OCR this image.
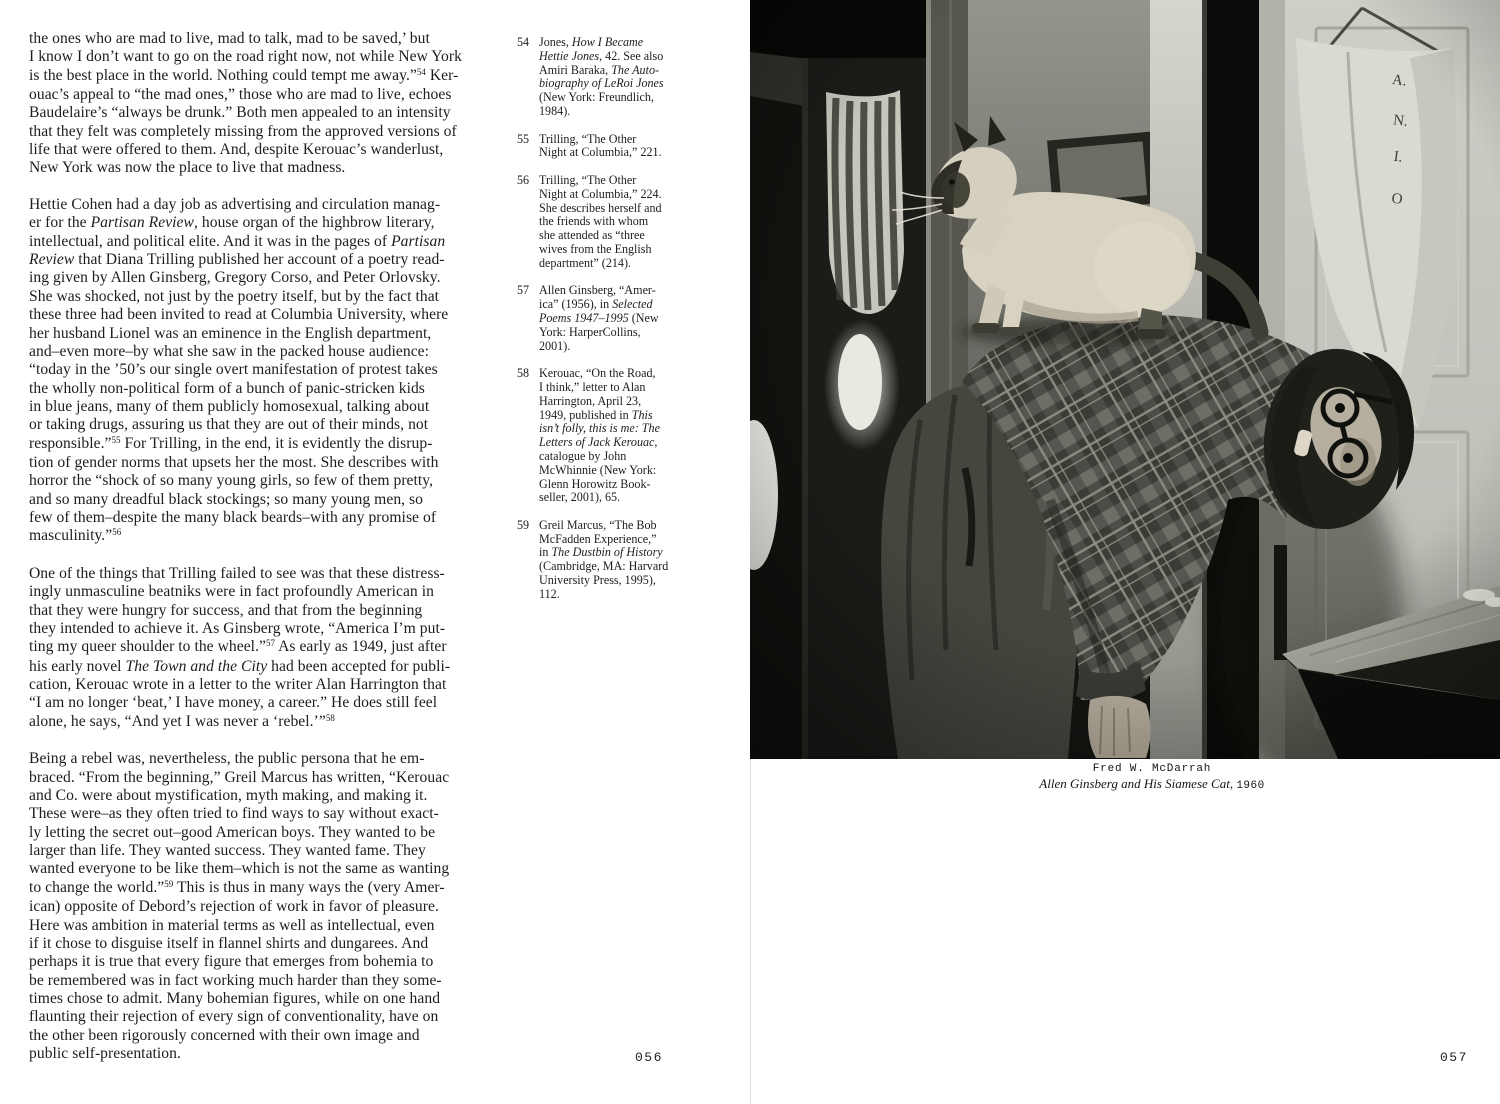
the ones who are mad to live, mad to talk, mad to be saved,’ but
I know I don’t want to go on the road right now, not while New York
is the best place in the world. Nothing could tempt me away.”$^{54}$ Ker-
ouac’s appeal to “the mad ones,” those who are mad to live, echoes
Baudelaire’s “always be drunk.” Both men appealed to an intensity
that they felt was completely missing from the approved versions of
life that were offered to them. And, despite Kerouac’s wanderlust,
New York was now the place to live that madness.

Hettie Cohen had a day job as advertising and circulation manag-
er for the Partisan Review, house organ of the highbrow literary,
intellectual, and political elite. And it was in the pages of Partisan
Review that Diana Trilling published her account of a poetry read-
ing given by Allen Ginsberg, Gregory Corso, and Peter Orlovsky.
She was shocked, not just by the poetry itself, but by the fact that
these three had been invited to read at Columbia University, where
her husband Lionel was an eminence in the English department,
and–even more–by what she saw in the packed house audience:
“today in the ’50’s our single overt manifestation of protest takes
the wholly non-political form of a bunch of panic-stricken kids
in blue jeans, many of them publicly homosexual, talking about
or taking drugs, assuring us that they are out of their minds, not
responsible.”$^{55}$ For Trilling, in the end, it is evidently the disrup-
tion of gender norms that upsets her the most. She describes with
horror the “shock of so many young girls, so few of them pretty,
and so many dreadful black stockings; so many young men, so
few of them–despite the many black beards–with any promise of
masculinity.”$^{56}$

One of the things that Trilling failed to see was that these distress-
ingly unmasculine beatniks were in fact profoundly American in
that they were hungry for success, and that from the beginning
they intended to achieve it. As Ginsberg wrote, “America I’m put-
ting my queer shoulder to the wheel.”$^{57}$ As early as 1949, just after
his early novel The Town and the City had been accepted for publi-
cation, Kerouac wrote in a letter to the writer Alan Harrington that
“I am no longer ‘beat,’ I have money, a career.” He does still feel
alone, he says, “And yet I was never a ‘rebel.’”$^{58}$

Being a rebel was, nevertheless, the public persona that he em-
braced. “From the beginning,” Greil Marcus has written, “Kerouac
and Co. were about mystification, myth making, and making it.
These were–as they often tried to find ways to say without exact-
ly letting the secret out–good American boys. They wanted to be
larger than life. They wanted success. They wanted fame. They
wanted everyone to be like them–which is not the same as wanting
to change the world.”$^{59}$ This is thus in many ways the (very Amer-
ican) opposite of Debord’s rejection of work in favor of pleasure.
Here was ambition in material terms as well as intellectual, even
if it chose to disguise itself in flannel shirts and dungarees. And
perhaps it is true that every figure that emerges from bohemia to
be remembered was in fact working much harder than they some-
times chose to admit. Many bohemian figures, while on one hand
flaunting their rejection of every sign of conventionality, have on
the other been rigorously concerned with their own image and
public self-presentation.

54 Jones, How I Became
Hettie Jones, 42. See also
Amiri Baraka, The Auto-
biography of LeRoi Jones
(New York: Freundlich,
1984).
55 Trilling, “The Other
Night at Columbia,” 221.
56 Trilling, “The Other
Night at Columbia,” 224.
She describes herself and
the friends with whom
she attended as “three
wives from the English
department” (214).
57 Allen Ginsberg, “Amer-
ica” (1956), in Selected
Poems 1947–1995 (New
York: HarperCollins,
2001).
58 Kerouac, “On the Road,
I think,” letter to Alan
Harrington, April 23,
1949, published in This
isn’t folly, this is me: The
Letters of Jack Kerouac,
catalogue by John
McWhinnie (New York:
Glenn Horowitz Book-
seller, 2001), 65.
59 Greil Marcus, “The Bob
McFadden Experience,”
in The Dustbin of History
(Cambridge, MA: Harvard
University Press, 1995),
112.
056
Fred W. McDarrah
Allen Ginsberg and His Siamese Cat, 1960
057
